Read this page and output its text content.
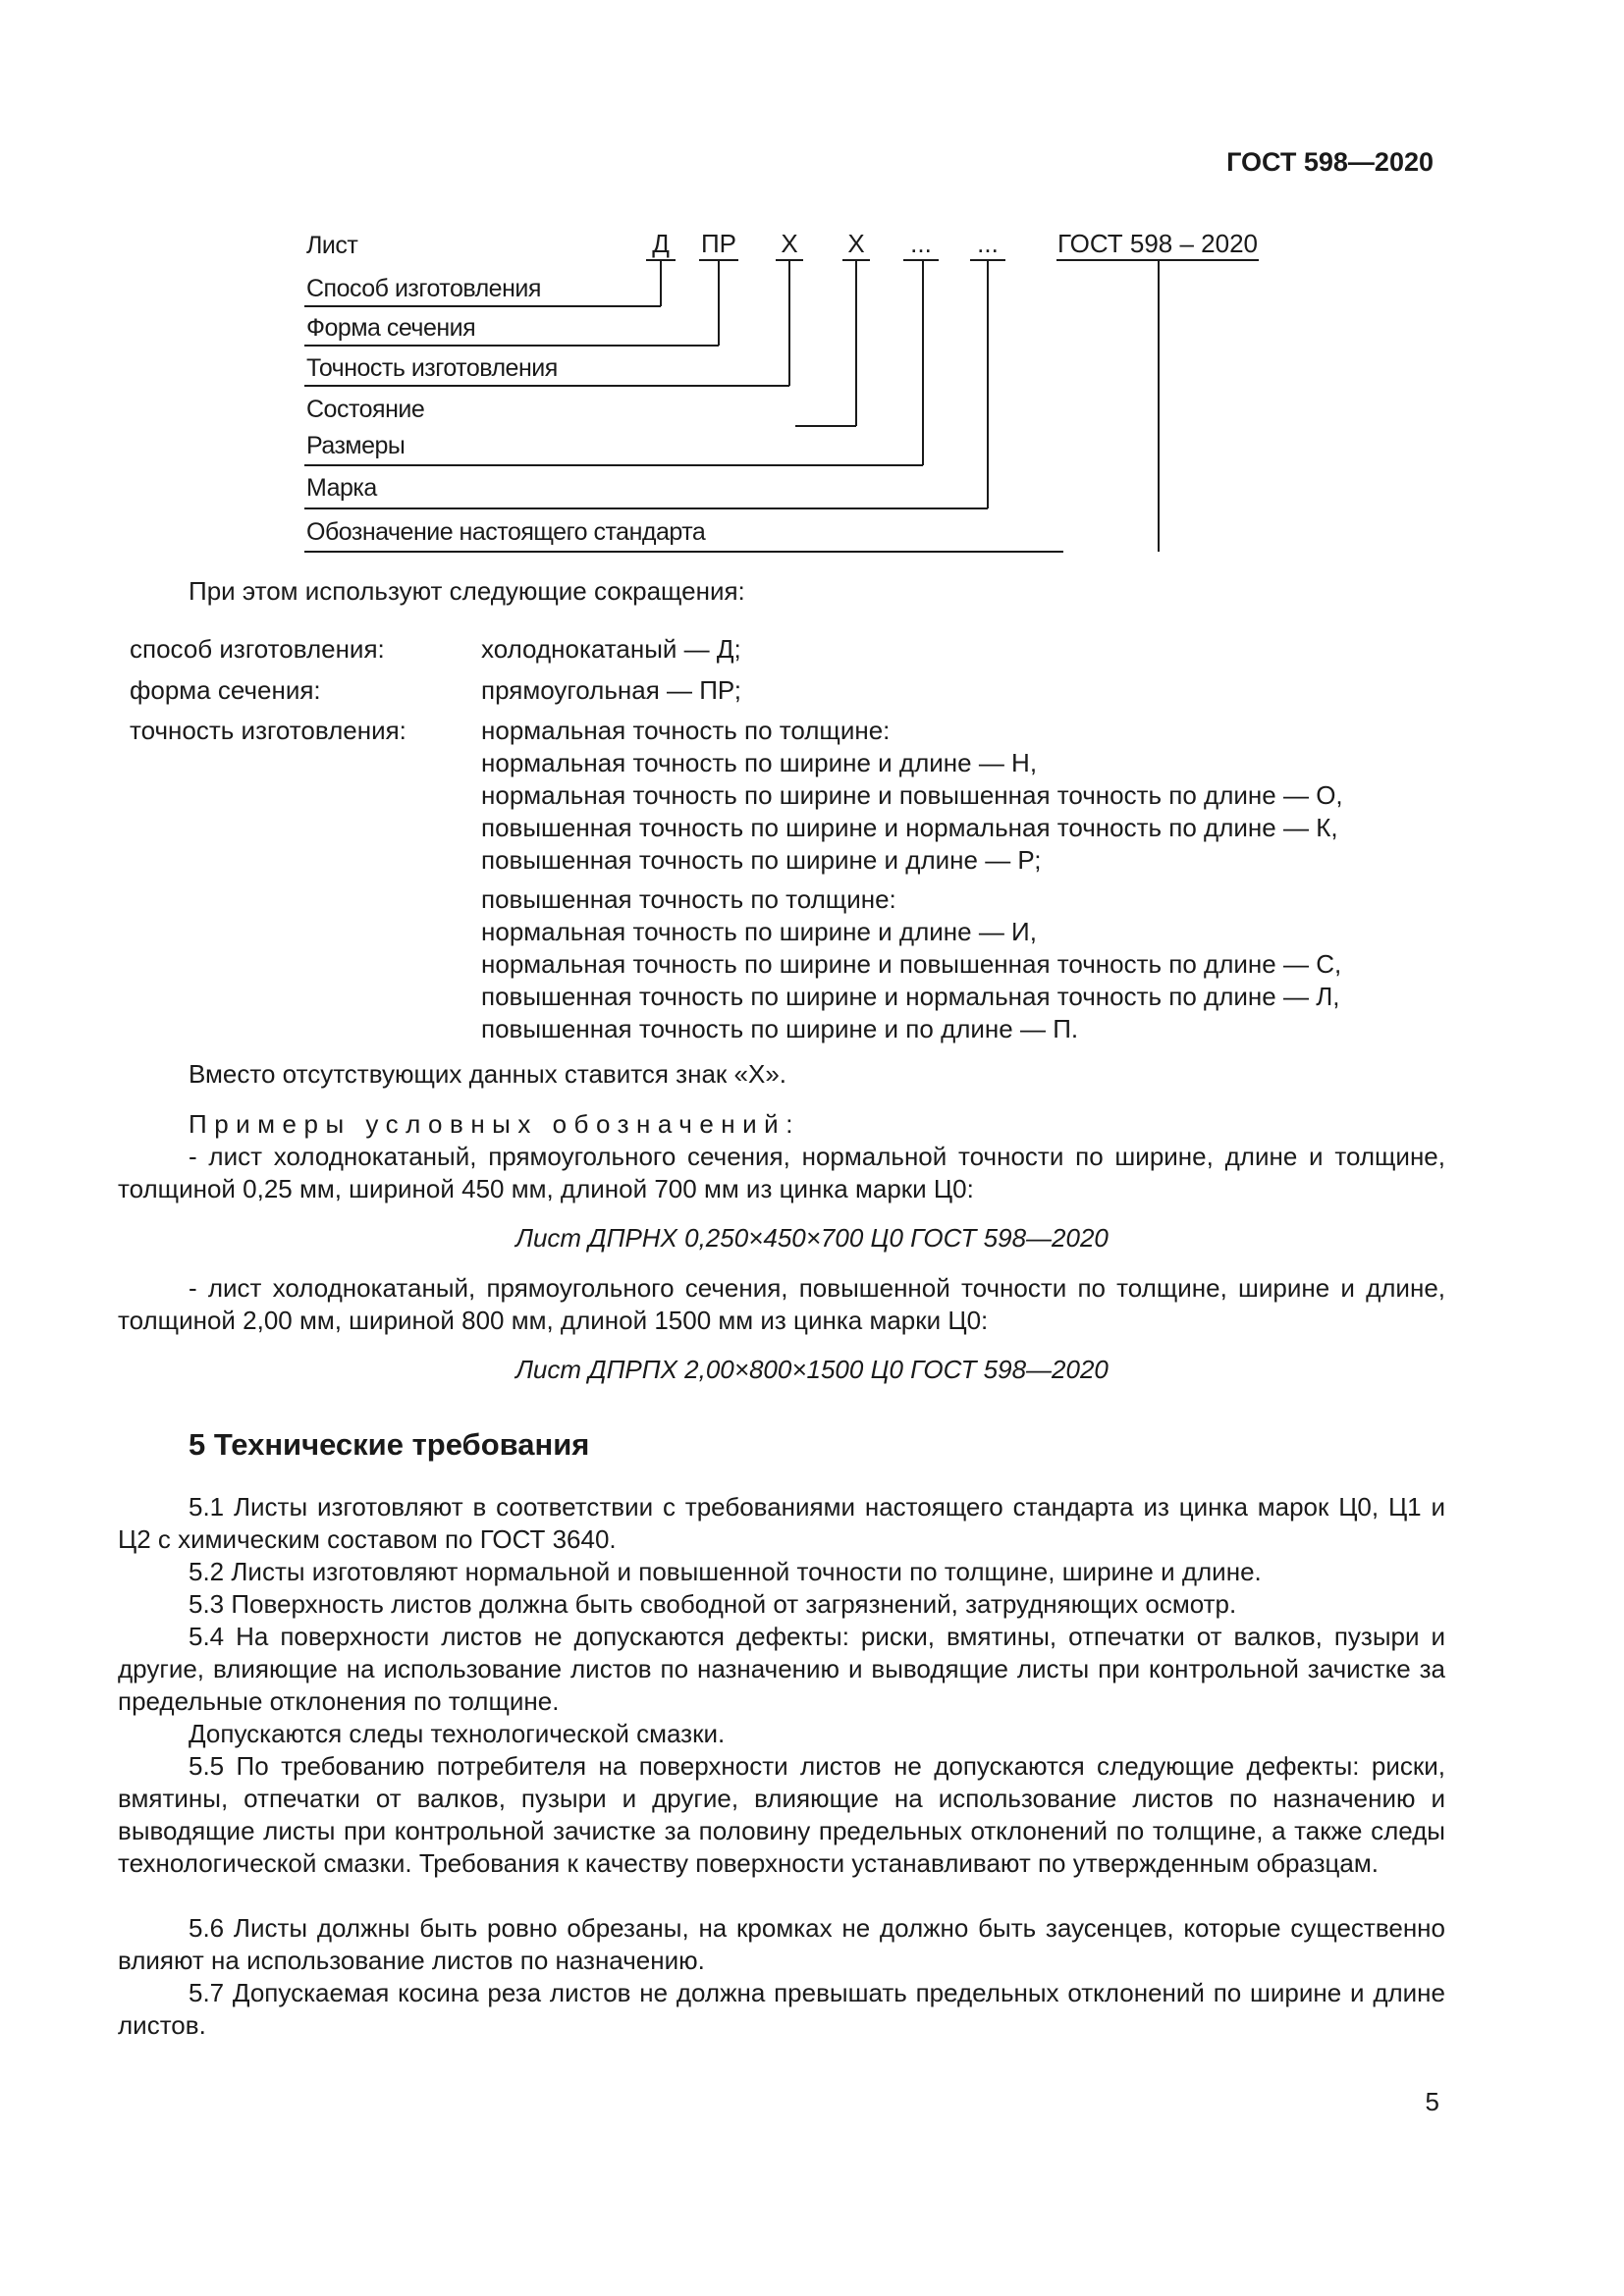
ГОСТ 598—2020
Лист	Д	ПР Х Х	...	...	ГОСТ 598 – 2020
Способ изготовления
Форма сечения
Точность изготовления
Состояние
Размеры
Марка
Обозначение настоящего стандарта
При этом используют следующие сокращения:
способ изготовления:	холоднокатаный — Д;
форма сечения:	прямоугольная — ПР;
точность изготовления:	нормальная точность по толщине:
нормальная точность по ширине и длине — Н,
нормальная точность по ширине и повышенная точность по длине — О,
повышенная точность по ширине и нормальная точность по длине — К,
повышенная точность по ширине и длине — Р;
повышенная точность по толщине:
нормальная точность по ширине и длине — И,
нормальная точность по ширине и повышенная точность по длине — С,
повышенная точность по ширине и нормальная точность по длине — Л,
повышенная точность по ширине и по длине — П.
Вместо отсутствующих данных ставится знак «Х».
Примеры условных обозначений:
- лист холоднокатаный, прямоугольного сечения, нормальной точности по ширине, длине и толщине, толщиной 0,25 мм, шириной 450 мм, длиной 700 мм из цинка марки Ц0:
Лист ДПРНХ 0,250×450×700 Ц0 ГОСТ 598—2020
- лист холоднокатаный, прямоугольного сечения, повышенной точности по толщине, ширине и длине, толщиной 2,00 мм, шириной 800 мм, длиной 1500 мм из цинка марки Ц0:
Лист ДПРПХ 2,00×800×1500 Ц0 ГОСТ 598—2020
5 Технические требования
5.1 Листы изготовляют в соответствии с требованиями настоящего стандарта из цинка марок Ц0, Ц1 и Ц2 с химическим составом по ГОСТ 3640.
5.2 Листы изготовляют нормальной и повышенной точности по толщине, ширине и длине.
5.3 Поверхность листов должна быть свободной от загрязнений, затрудняющих осмотр.
5.4 На поверхности листов не допускаются дефекты: риски, вмятины, отпечатки от валков, пузыри и другие, влияющие на использование листов по назначению и выводящие листы при контрольной зачистке за предельные отклонения по толщине.
Допускаются следы технологической смазки.
5.5 По требованию потребителя на поверхности листов не допускаются следующие дефекты: риски, вмятины, отпечатки от валков, пузыри и другие, влияющие на использование листов по назначению и выводящие листы при контрольной зачистке за половину предельных отклонений по толщине, а также следы технологической смазки. Требования к качеству поверхности устанавливают по утвержденным образцам.
5.6 Листы должны быть ровно обрезаны, на кромках не должно быть заусенцев, которые существенно влияют на использование листов по назначению.
5.7 Допускаемая косина реза листов не должна превышать предельных отклонений по ширине и длине листов.
5
